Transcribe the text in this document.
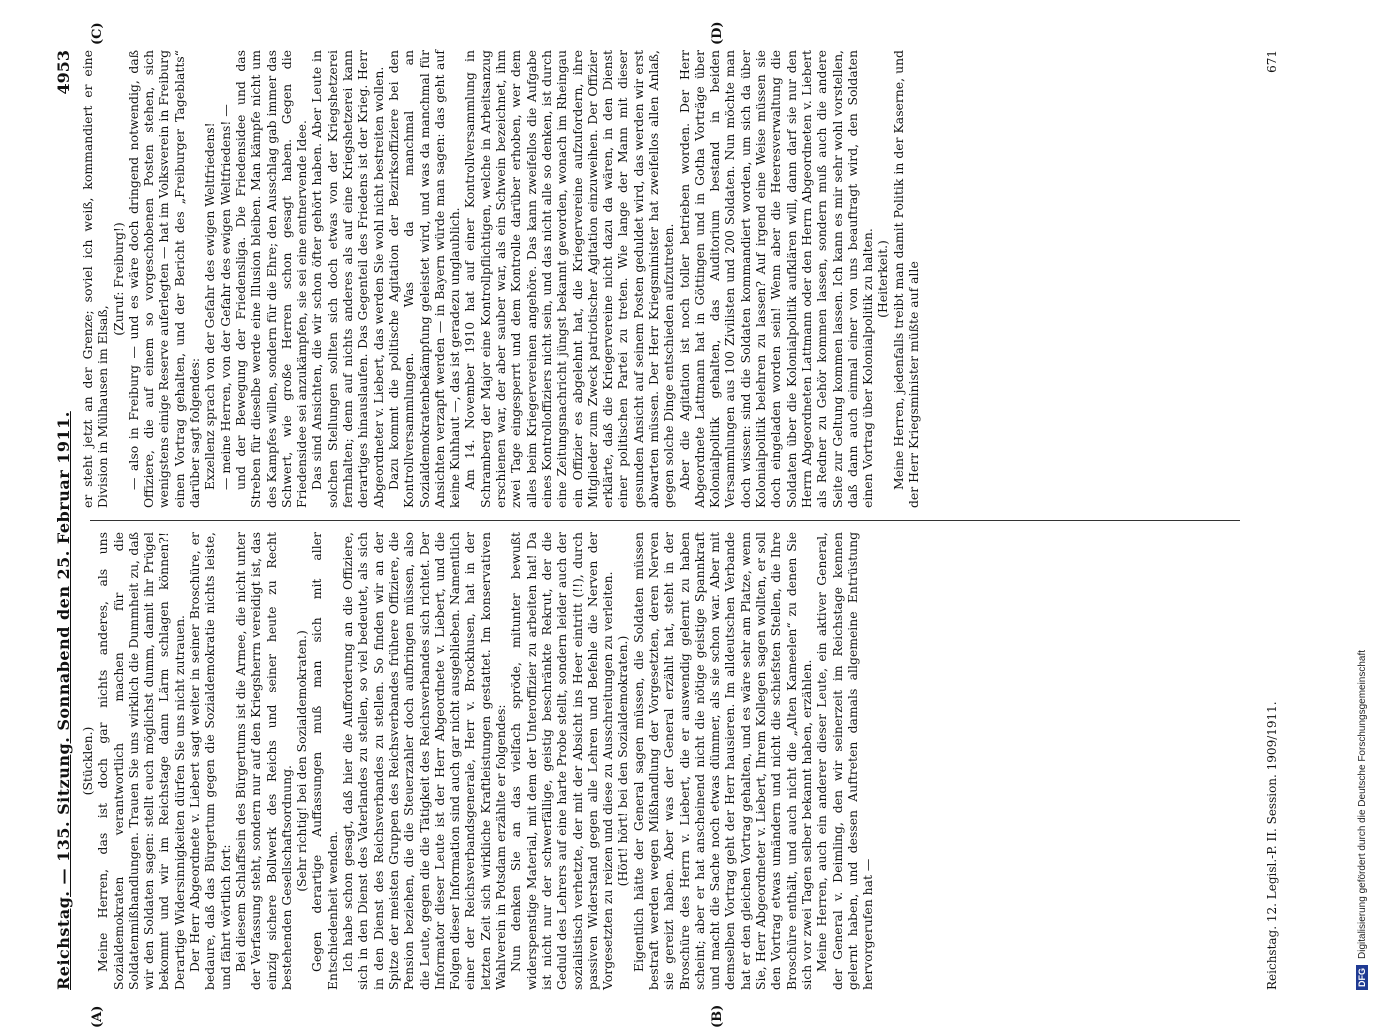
Reichstag. — 135. Sitzung. Sonnabend den 25. Februar 1911.
4953
(A)	(B)
(C)	(D)

(Stücklen.) Meine Herren, das ist doch gar nichts anderes, als uns Sozialdemokraten verantwortlich machen für die Soldatenmißhandlungen. Trauen Sie uns wirklich die Dummheit zu, daß wir den Soldaten sagen: stellt euch möglichst dumm, damit ihr Prügel bekommt und wir im Reichstage dann Lärm schlagen können?! Derartige Widersinnigkeiten dürfen Sie uns nicht zutrauen. Der Herr Abgeordnete v. Liebert sagt weiter in seiner Broschüre, er bedaure, daß das Bürgertum gegen die Sozialdemokratie nichts leiste, und fährt wörtlich fort: Bei diesem Schlaffsein des Bürgertums ist die Armee, die nicht unter der Verfassung steht, sondern nur auf den Kriegsherrn vereidigt ist, das einzig sichere Bollwerk des Reichs und seiner heute zu Recht bestehenden Gesellschaftsordnung. (Sehr richtig! bei den Sozialdemokraten.) Gegen derartige Auffassungen muß man sich mit aller Entschiedenheit wenden. Ich habe schon gesagt, daß hier die Aufforderung an die Offiziere, sich in den Dienst des Vaterlandes zu stellen, so viel bedeutet, als sich in den Dienst des Reichsverbandes zu stellen. So finden wir an der Spitze der meisten Gruppen des Reichsverbandes frühere Offiziere, die Pension beziehen, die die Steuerzahler doch aufbringen müssen, also die Leute, gegen die die Tätigkeit des Reichsverbandes sich richtet. Der Informator dieser Leute ist der Herr Abgeordnete v. Liebert, und die Folgen dieser Information sind auch gar nicht ausgeblieben. Namentlich einer der Reichsverbandsgenerale, Herr v. Brockhusen, hat in der letzten Zeit sich wirkliche Kraftleistungen gestattet. Im konservativen Wahlverein in Potsdam erzählte er folgendes: Nun denken Sie an das vielfach spröde, mitunter bewußt widerspenstige Material, mit dem der Unteroffizier zu arbeiten hat! Da ist nicht nur der schwerfällige, geistig beschränkte Rekrut, der die Geduld des Lehrers auf eine harte Probe stellt, sondern leider auch der sozialistisch verhetzte, der mit der Absicht ins Heer eintritt (!!), durch passiven Widerstand gegen alle Lehren und Befehle die Nerven der Vorgesetzten zu reizen und diese zu Ausschreitungen zu verleiten. (Hört! hört! bei den Sozialdemokraten.) Eigentlich hätte der General sagen müssen, die Soldaten müssen bestraft werden wegen Mißhandlung der Vorgesetzten, deren Nerven sie gereizt haben. Aber was der General erzählt hat, steht in der Broschüre des Herrn v. Liebert, die er auswendig gelernt zu haben scheint; aber er hat anscheinend nicht die nötige geistige Spannkraft und macht die Sache noch etwas dümmer, als sie schon war. Aber mit demselben Vortrag geht der Herr hausieren. Im alldeutschen Verbande hat er den gleichen Vortrag gehalten, und es wäre sehr am Platze, wenn Sie, Herr Abgeordneter v. Liebert, Ihrem Kollegen sagen wollten, er soll den Vortrag etwas umändern und nicht die schiefsten Stellen, die Ihre Broschüre enthält, und auch nicht die „Alten Kameelen“ zu denen Sie sich vor zwei Tagen selber bekannt haben, erzählen. Meine Herren, auch ein anderer dieser Leute, ein aktiver General, der General v. Deimling, den wir seinerzeit im Reichstage kennen gelernt haben, und dessen Auftreten damals allgemeine Entrüstung hervorgerufen hat —

er steht jetzt an der Grenze; soviel ich weiß, kommandiert er eine Division in Mülhausen im Elsaß,

(Zuruf: Freiburg!) — also in Freiburg — und es wäre doch dringend notwendig, daß Offiziere, die auf einem so vorgeschobenen Posten stehen, sich wenigstens einige Reserve auferlegten — hat im Volksverein in Freiburg einen Vortrag gehalten, und der Bericht des „Freiburger Tageblatts“ darüber sagt folgendes: Exzellenz sprach von der Gefahr des ewigen Weltfriedens! — meine Herren, von der Gefahr des ewigen Weltfriedens! — und der Bewegung der Friedensliga. Die Friedensidee und das Streben für dieselbe werde eine Illusion bleiben. Man kämpfe nicht um des Kampfes willen, sondern für die Ehre; den Ausschlag gab immer das Schwert, wie große Herren schon gesagt haben. Gegen die Friedensidee sei anzukämpfen, sie sei eine entnervende Idee. Das sind Ansichten, die wir schon öfter gehört haben. Aber Leute in solchen Stellungen sollten sich doch etwas von der Kriegshetzerei fernhalten; denn auf nichts anderes als auf eine Kriegshetzerei kann derartiges hinauslaufen. Das Gegenteil des Friedens ist der Krieg. Herr Abgeordneter v. Liebert, das werden Sie wohl nicht bestreiten wollen. Dazu kommt die politische Agitation der Bezirksoffiziere bei den Kontrollversammlungen. Was da manchmal an Sozialdemokratenbekämpfung geleistet wird, und was da manchmal für Ansichten verzapft werden — in Bayern würde man sagen: das geht auf keine Kuhhaut —, das ist geradezu unglaublich. Am 14. November 1910 hat auf einer Kontrollversammlung in Schramberg der Major eine Kontrollpflichtigen, welche in Arbeitsanzug erschienen war, der aber sauber war, als ein Schwein bezeichnet, ihm zwei Tage eingesperrt und dem Kontrolle darüber erhoben, wer dem alles beim Kriegervereinen angehöre. Das kann zweifellos die Aufgabe eines Kontrolloffiziers nicht sein, und das nicht alle so denken, ist durch eine Zeitungsnachricht jüngst bekannt geworden, wonach im Rheingau ein Offizier es abgelehnt hat, die Kriegervereine aufzufordern, ihre Mitglieder zum Zweck patriotischer Agitation einzuweihen. Der Offizier erklärte, daß die Kriegervereine nicht dazu da wären, in den Dienst einer politischen Partei zu treten. Wie lange der Mann mit dieser gesunden Ansicht auf seinem Posten geduldet wird, das werden wir erst abwarten müssen. Der Herr Kriegsminister hat zweifellos allen Anlaß, gegen solche Dinge entschieden aufzutreten. Aber die Agitation ist noch toller betrieben worden. Der Herr Abgeordnete Lattmann hat in Göttingen und in Gotha Vorträge über Kolonialpolitik gehalten, das Auditorium bestand in beiden Versammlungen aus 100 Zivilisten und 200 Soldaten. Nun möchte man doch wissen: sind die Soldaten kommandiert worden, um sich da über Kolonialpolitik belehren zu lassen? Auf irgend eine Weise müssen sie doch eingeladen worden sein! Wenn aber die Heeresverwaltung die Soldaten über die Kolonialpolitik aufklären will, dann darf sie nur den Herrn Abgeordneten Lattmann oder den Herrn Abgeordneten v. Liebert als Redner zu Gehör kommen lassen, sondern muß auch die andere Seite zur Geltung kommen lassen. Ich kann es mir sehr wohl vorstellen, daß dann auch einmal einer von uns beauftragt wird, den Soldaten einen Vortrag über Kolonialpolitik zu halten. (Heiterkeit.) Meine Herren, jedenfalls treibt man damit Politik in der Kaserne, und der Herr Kriegsminister müßte auf alle

Reichstag. 12. Legisl.-P. II. Session. 1909/1911.
671
DFG
Digitalisierung gefördert durch die Deutsche Forschungsgemeinschaft
